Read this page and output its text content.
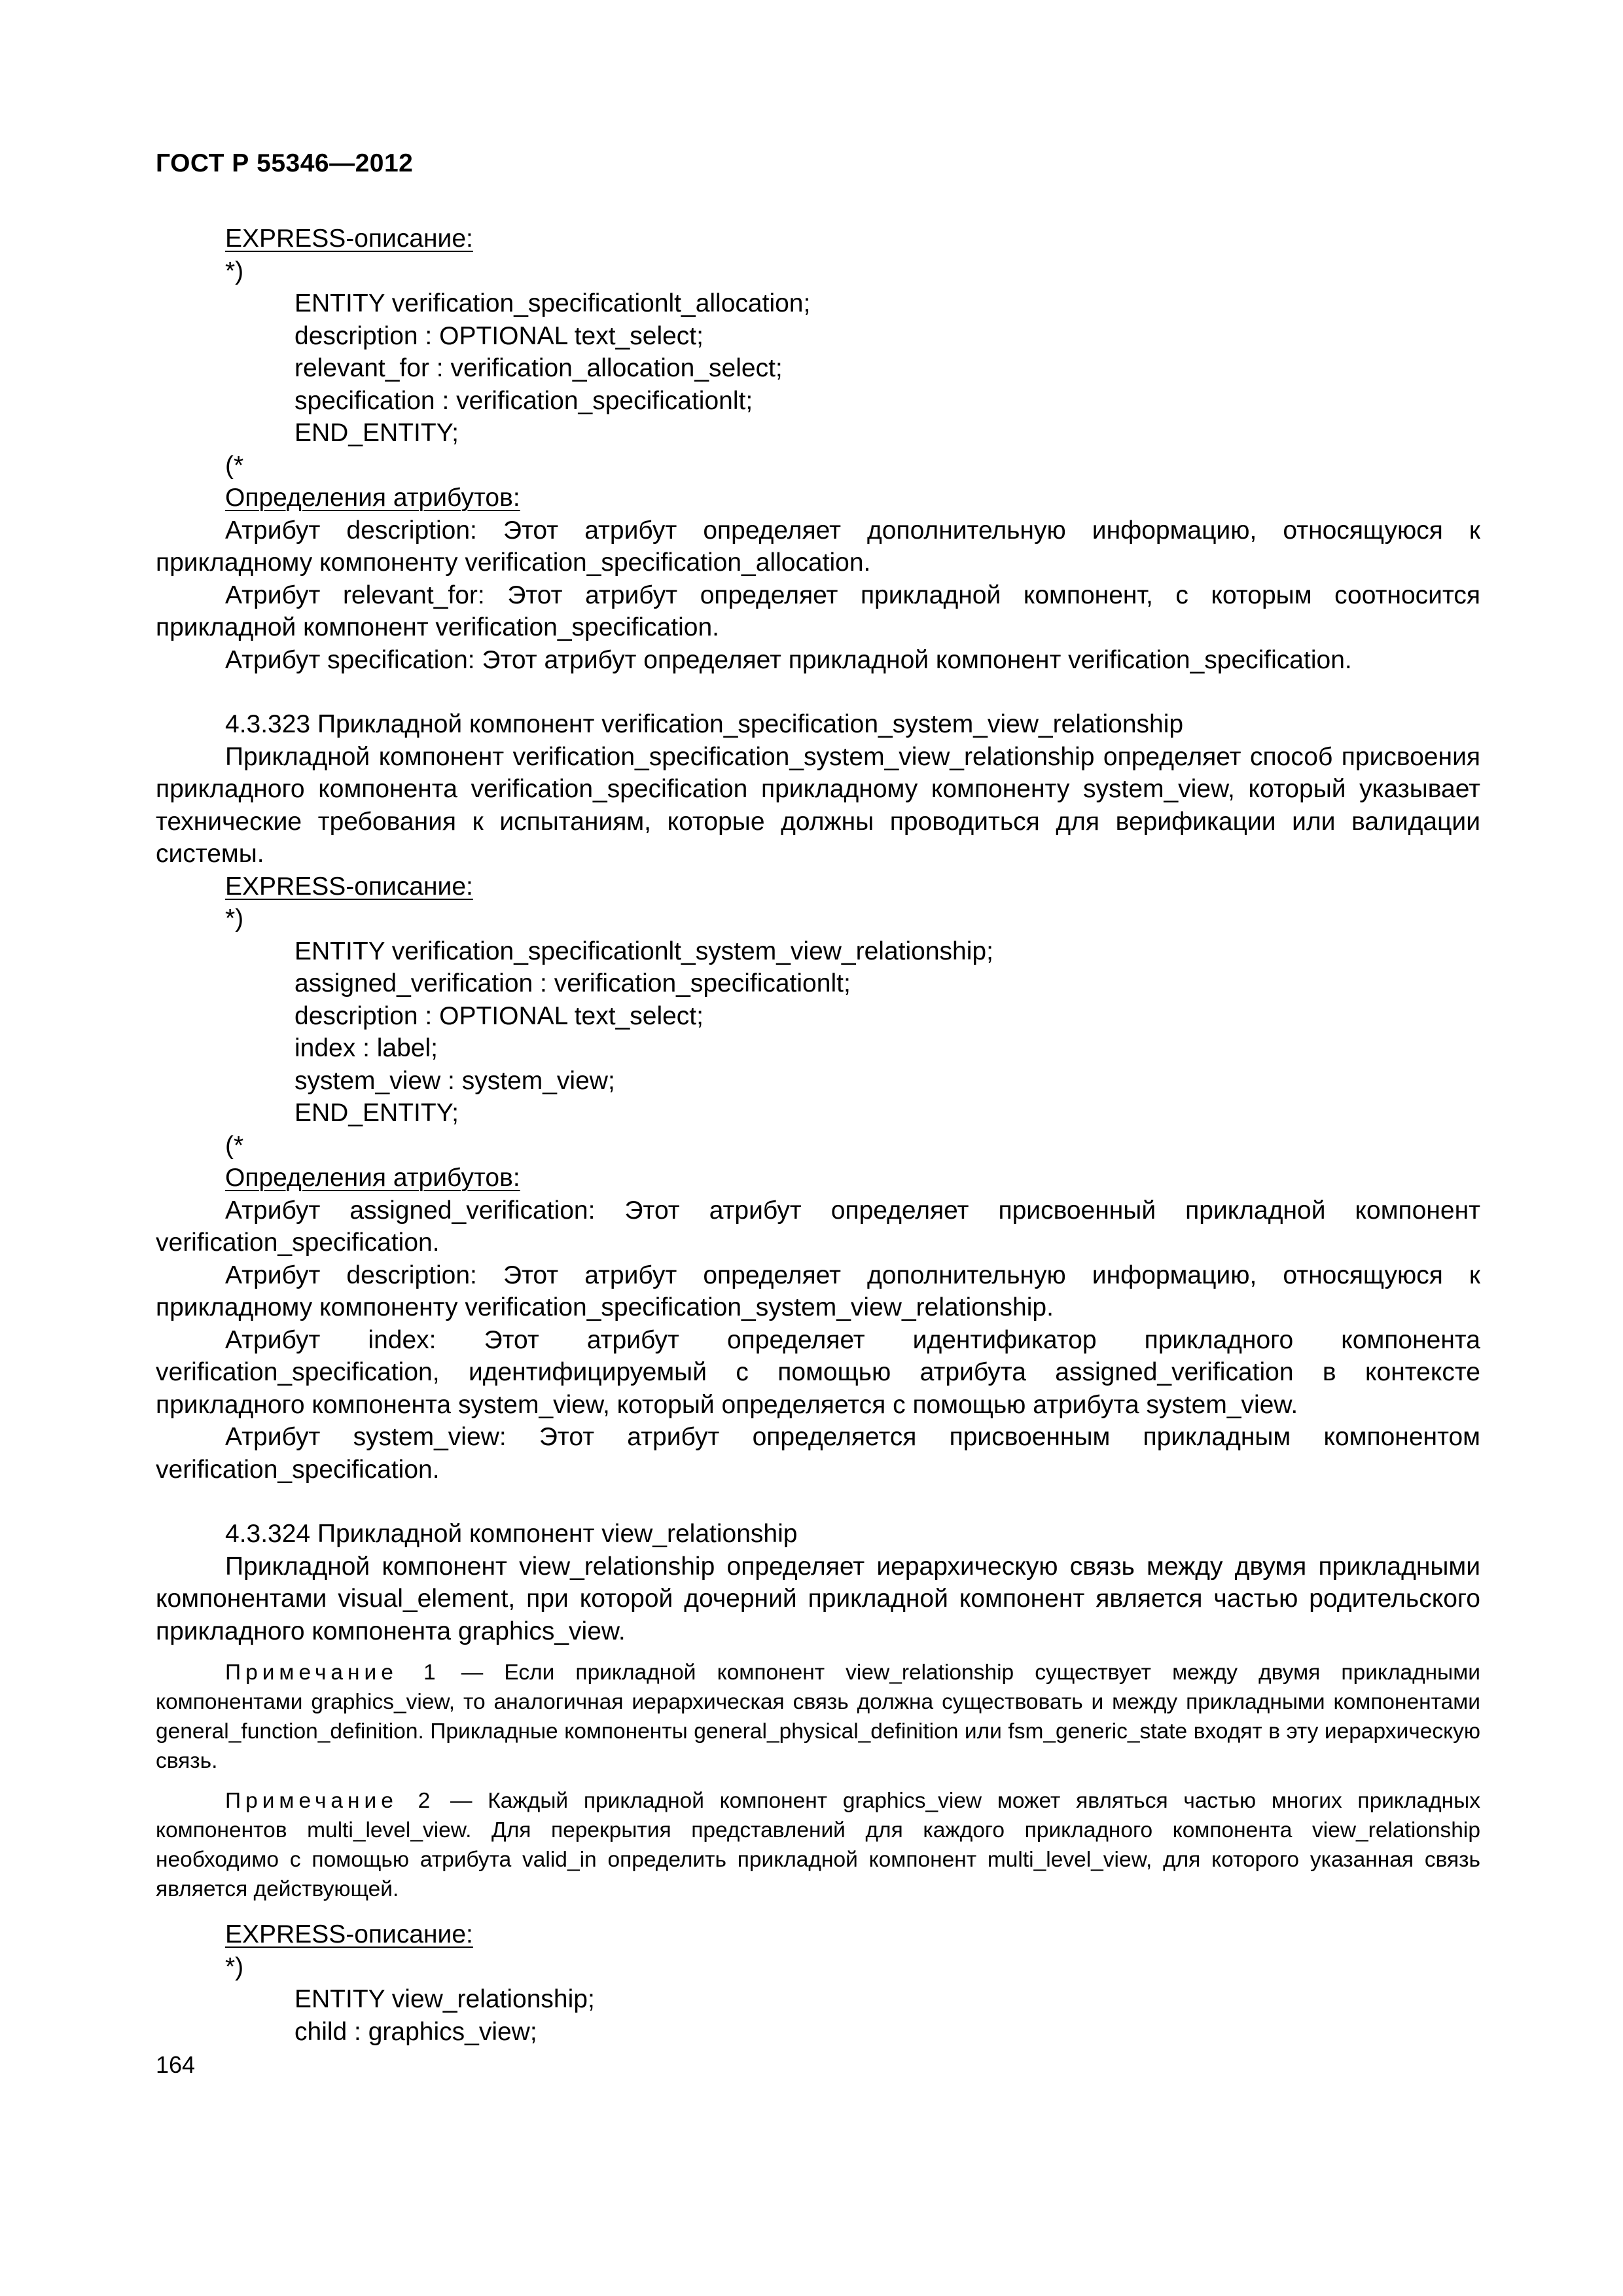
ГОСТ Р 55346—2012

EXPRESS-описание:

*)

ENTITY verification_specificationlt_allocation;

description : OPTIONAL text_select;

relevant_for : verification_allocation_select;

specification : verification_specificationlt;

END_ENTITY;

(*

Определения атрибутов:

Атрибут description: Этот атрибут определяет дополнительную информацию, относящуюся к прикладному компоненту verification_specification_allocation.

Атрибут relevant_for: Этот атрибут определяет прикладной компонент, с которым соотносится прикладной компонент verification_specification.

Атрибут specification: Этот атрибут определяет прикладной компонент verification_specification.

4.3.323 Прикладной компонент verification_specification_system_view_relationship

Прикладной компонент verification_specification_system_view_relationship определяет способ присвоения прикладного компонента verification_specification прикладному компоненту system_view, который указывает технические требования к испытаниям, которые должны проводиться для верификации или валидации системы.

EXPRESS-описание:

*)

ENTITY verification_specificationlt_system_view_relationship;

assigned_verification : verification_specificationlt;

description : OPTIONAL text_select;

index : label;

system_view : system_view;

END_ENTITY;

(*

Определения атрибутов:

Атрибут assigned_verification: Этот атрибут определяет присвоенный прикладной компонент verification_specification.

Атрибут description: Этот атрибут определяет дополнительную информацию, относящуюся к прикладному компоненту verification_specification_system_view_relationship.

Атрибут index: Этот атрибут определяет идентификатор прикладного компонента verification_specification, идентифицируемый с помощью атрибута assigned_verification в контексте прикладного компонента system_view, который определяется с помощью атрибута system_view.

Атрибут system_view: Этот атрибут определяется присвоенным прикладным компонентом verification_specification.

4.3.324 Прикладной компонент view_relationship

Прикладной компонент view_relationship определяет иерархическую связь между двумя прикладными компонентами visual_element, при которой дочерний прикладной компонент является частью родительского прикладного компонента graphics_view.

Примечание 1 — Если прикладной компонент view_relationship существует между двумя прикладными компонентами graphics_view, то аналогичная иерархическая связь должна существовать и между прикладными компонентами general_function_definition. Прикладные компоненты general_physical_definition или fsm_generic_state входят в эту иерархическую связь.

Примечание 2 — Каждый прикладной компонент graphics_view может являться частью многих прикладных компонентов multi_level_view. Для перекрытия представлений для каждого прикладного компонента view_relationship необходимо с помощью атрибута valid_in определить прикладной компонент multi_level_view, для которого указанная связь является действующей.

EXPRESS-описание:

*)

ENTITY view_relationship;

child : graphics_view;

164
